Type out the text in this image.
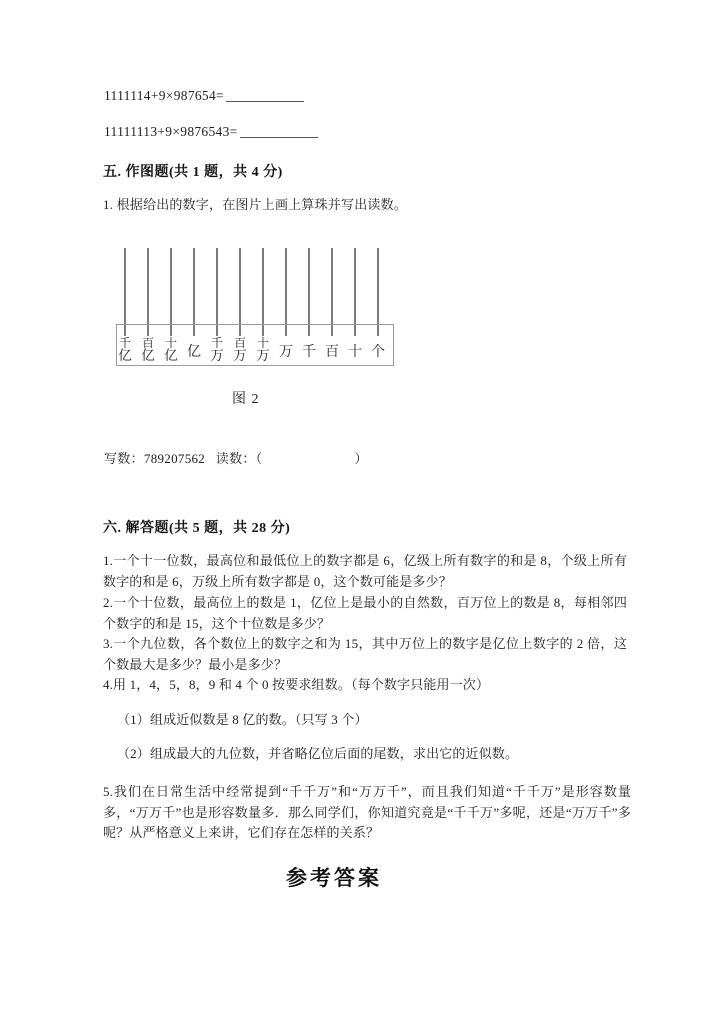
1111114+9×987654=
11111113+9×9876543=
五. 作图题(共 1 题，共 4 分)
1. 根据给出的数字，在图片上画上算珠并写出读数。
千
亿
百
亿
十
亿 亿
千
万
百
万
十
万 万 千 百 十 个
图 2
写数：789207562 读数：（	）
六. 解答题(共 5 题，共 28 分)
1.一个十一位数，最高位和最低位上的数字都是 6，亿级上所有数字的和是 8，个级上所有数字的和是 6，万级上所有数字都是 0，这个数可能是多少？
2.一个十位数，最高位上的数是 1，亿位上是最小的自然数，百万位上的数是 8，每相邻四个数字的和是 15，这个十位数是多少？
3.一个九位数，各个数位上的数字之和为 15，其中万位上的数字是亿位上数字的 2 倍，这个数最大是多少？最小是多少？
4.用 1，4，5，8，9 和 4 个 0 按要求组数。（每个数字只能用一次）
（1）组成近似数是 8 亿的数。（只写 3 个）
（2）组成最大的九位数，并省略亿位后面的尾数，求出它的近似数。
5.我们在日常生活中经常提到“千千万”和“万万千”，而且我们知道“千千万”是形容数量多，“万万千”也是形容数量多．那么同学们，你知道究竟是“千千万”多呢，还是“万万千”多呢？从严格意义上来讲，它们存在怎样的关系？
参考答案
